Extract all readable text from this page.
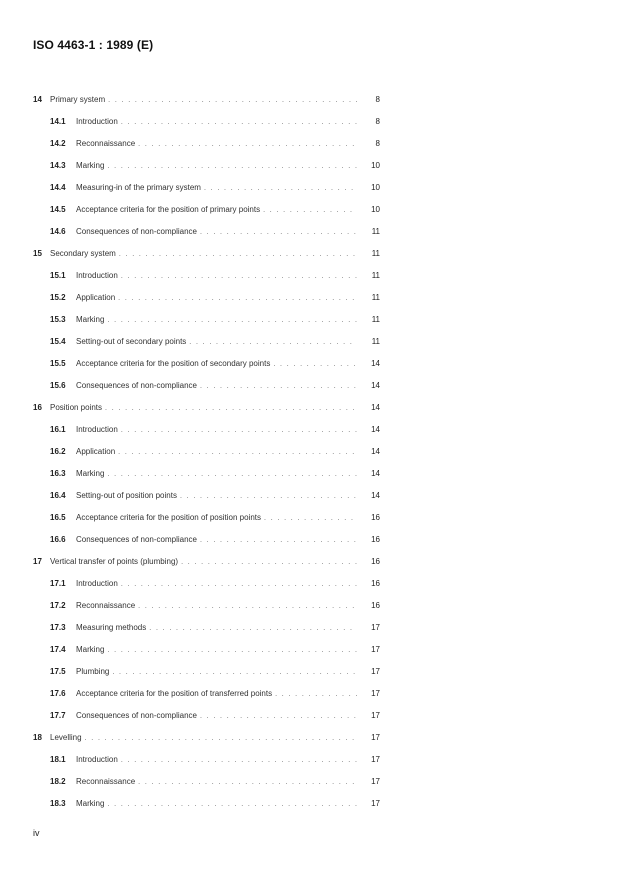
ISO 4463-1 : 1989 (E)
14	Primary system . . .	8
14.1	Introduction . . .	8
14.2	Reconnaissance . . .	8
14.3	Marking . . .	10
14.4	Measuring-in of the primary system . . .	10
14.5	Acceptance criteria for the position of primary points . . .	10
14.6	Consequences of non-compliance . . .	11
15	Secondary system . . .	11
15.1	Introduction . . .	11
15.2	Application . . .	11
15.3	Marking . . .	11
15.4	Setting-out of secondary points . . .	11
15.5	Acceptance criteria for the position of secondary points . . .	14
15.6	Consequences of non-compliance . . .	14
16	Position points . . .	14
16.1	Introduction . . .	14
16.2	Application . . .	14
16.3	Marking . . .	14
16.4	Setting-out of position points . . .	14
16.5	Acceptance criteria for the position of position points . . .	16
16.6	Consequences of non-compliance . . .	16
17	Vertical transfer of points (plumbing) . . .	16
17.1	Introduction . . .	16
17.2	Reconnaissance . . .	16
17.3	Measuring methods . . .	17
17.4	Marking . . .	17
17.5	Plumbing . . .	17
17.6	Acceptance criteria for the position of transferred points . . .	17
17.7	Consequences of non-compliance . . .	17
18	Levelling . . .	17
18.1	Introduction . . .	17
18.2	Reconnaissance . . .	17
18.3	Marking . . .	17
iv
